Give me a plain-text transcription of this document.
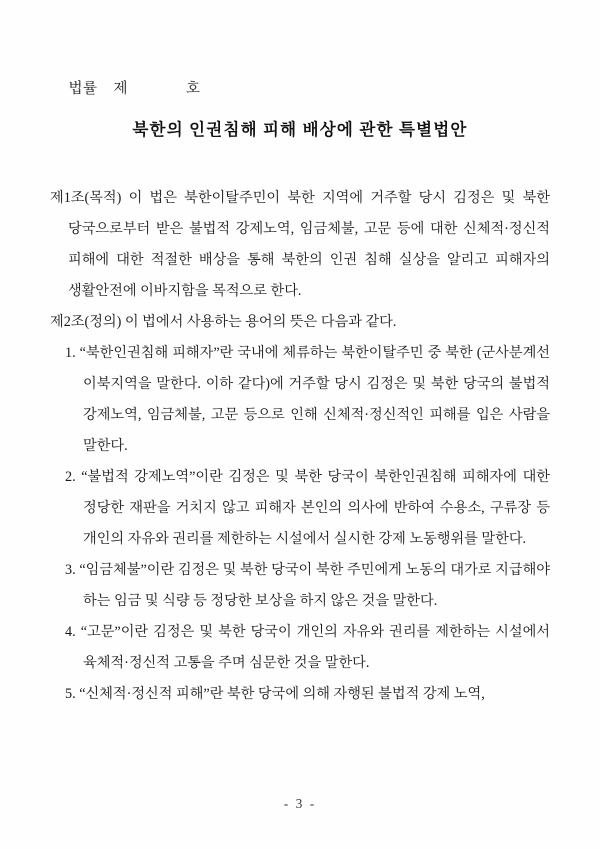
법률 제	호

북한의 인권침해 피해 배상에 관한 특별법안

제1조(목적) 이 법은 북한이탈주민이 북한 지역에 거주할 당시 김정은 및 북한 당국으로부터 받은 불법적 강제노역, 임금체불, 고문 등에 대한 신체적·정신적 피해에 대한 적절한 배상을 통해 북한의 인권 침해 실상을 알리고 피해자의 생활안전에 이바지함을 목적으로 한다.

제2조(정의) 이 법에서 사용하는 용어의 뜻은 다음과 같다.

1. “북한인권침해 피해자”란 국내에 체류하는 북한이탈주민 중 북한 (군사분계선 이북지역을 말한다. 이하 같다)에 거주할 당시 김정은 및 북한 당국의 불법적 강제노역, 임금체불, 고문 등으로 인해 신체적·정신적인 피해를 입은 사람을 말한다.

2. “불법적 강제노역”이란 김정은 및 북한 당국이 북한인권침해 피해자에 대한 정당한 재판을 거치지 않고 피해자 본인의 의사에 반하여 수용소, 구류장 등 개인의 자유와 권리를 제한하는 시설에서 실시한 강제 노동행위를 말한다.

3. “임금체불”이란 김정은 및 북한 당국이 북한 주민에게 노동의 대가로 지급해야 하는 임금 및 식량 등 정당한 보상을 하지 않은 것을 말한다.

4. “고문”이란 김정은 및 북한 당국이 개인의 자유와 권리를 제한하는 시설에서 육체적·정신적 고통을 주며 심문한 것을 말한다.

5. “신체적·정신적 피해”란 북한 당국에 의해 자행된 불법적 강제 노역,

- 3 -
